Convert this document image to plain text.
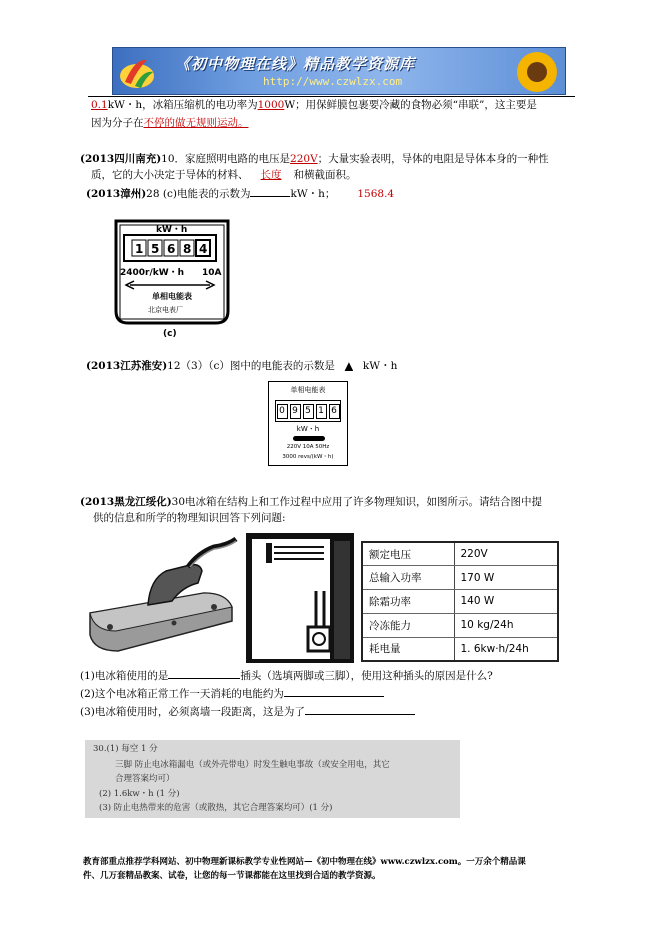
《初中物理在线》精品教学资源库
http://www.czwlzx.com
0.1kW・h，冰箱压缩机的电功率为1000W；用保鲜膜包裹要冷藏的食物必须“串联”，这主要是
因为分子在不停的做无规则运动。
(2013四川南充)10．家庭照明电路的电压是220V；大量实验表明，导体的电阻是导体本身的一种性
质，它的大小决定于导体的材料、 长度 和横截面积。
(2013漳州)28 (c)电能表的示数为	kW・h； 1568.4
kW・h
1 5 6 8 4
2400r/kW・h 10A
单相电能表
北京电表厂
(c)
(2013江苏淮安)12（3）（c）图中的电能表的示数是 ▲ kW・h
单相电能表
0 9 5 1 6
kW・h
220V 10A 50Hz
3000 revs/(kW・h)
(2013黑龙江绥化)30电冰箱在结构上和工作过程中应用了许多物理知识，如图所示。请结合图中提
供的信息和所学的物理知识回答下列问题:
额定电压	220V
总输入功率	170 W
除霜功率	140 W
冷冻能力	10 kg/24h
耗电量	1. 6kw·h/24h
(1)电冰箱使用的是	插头（选填两脚或三脚），使用这种插头的原因是什么?
(2)这个电冰箱正常工作一天消耗的电能约为
(3)电冰箱使用时，必须离墙一段距离，这是为了
30.(1) 每空 1 分
三脚 防止电冰箱漏电（或外壳带电）时发生触电事故（或安全用电，其它
合理答案均可）
(2) 1.6kw・h (1 分)
(3) 防止电热带来的危害（或散热，其它合理答案均可）(1 分)
教育部重点推荐学科网站、初中物理新课标教学专业性网站—《初中物理在线》www.czwlzx.com。一万余个精品课
件、几万套精品教案、试卷，让您的每一节课都能在这里找到合适的教学资源。
